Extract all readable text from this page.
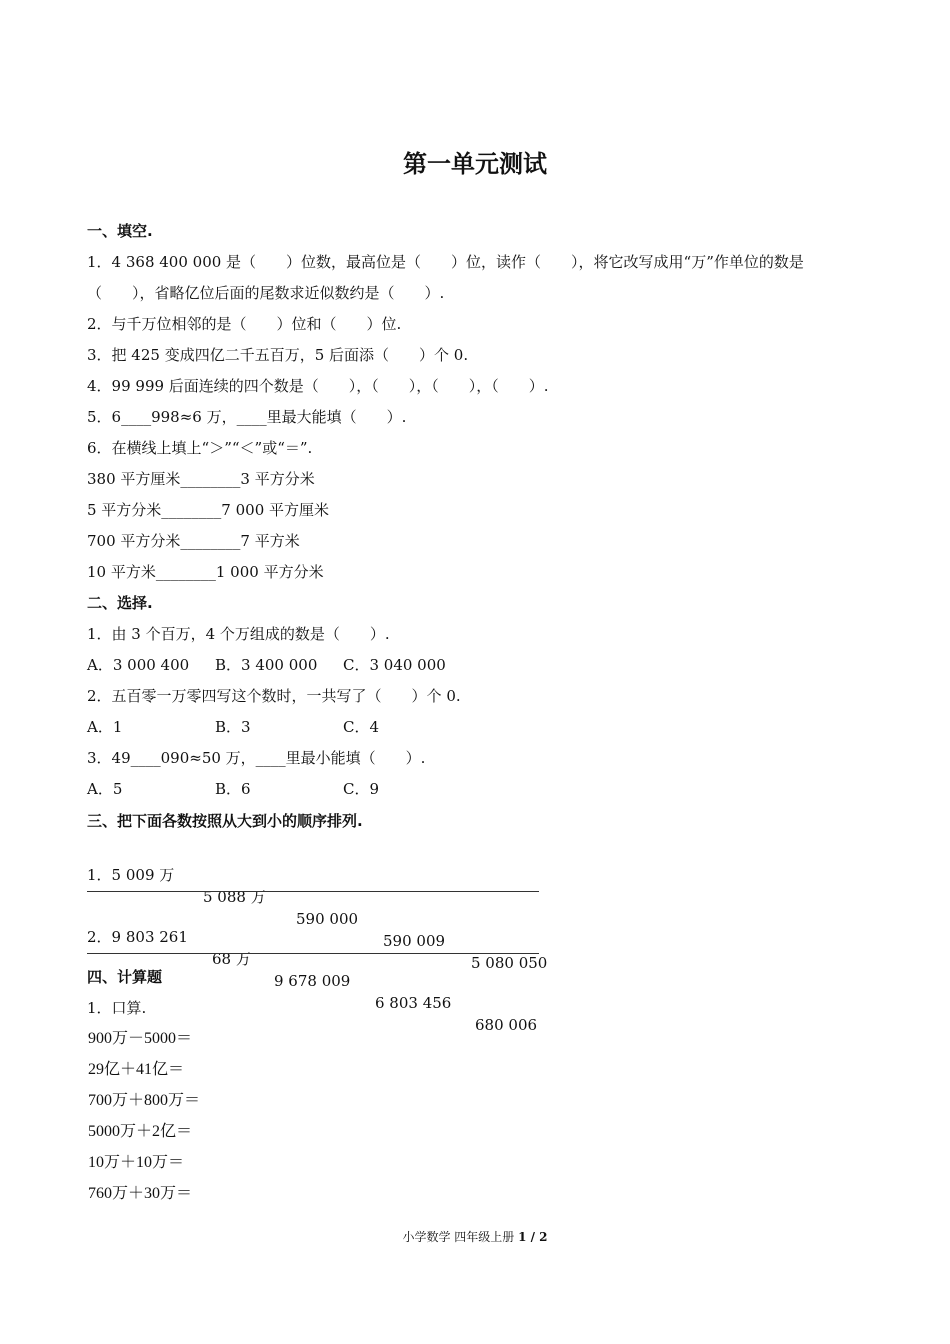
第一单元测试
一、填空.
1．4 368 400 000 是（　　）位数，最高位是（　　）位，读作（　　），将它改写成用“万”作单位的数是
（　　），省略亿位后面的尾数求近似数约是（　　）.
2．与千万位相邻的是（　　）位和（　　）位.
3．把 425 变成四亿二千五百万，5 后面添（　　）个 0.
4．99 999 后面连续的四个数是（　　），（　　），（　　），（　　）.
5．6____998≈6 万，____里最大能填（　　）.
6．在横线上填上“＞”“＜”或“＝”.
380 平方厘米________3 平方分米
5 平方分米________7 000 平方厘米
700 平方分米________7 平方米
10 平方米________1 000 平方分米
二、选择.
1．由 3 个百万，4 个万组成的数是（　　）.
A．3 000 400	B．3 400 000	C．3 040 000
2．五百零一万零四写这个数时，一共写了（　　）个 0.
A．1	B．3	C．4
3．49____090≈50 万，____里最小能填（　　）.
A．5	B．6	C．9
三、把下面各数按照从大到小的顺序排列.

1．5 009 万

5 088 万

590 000

590 009

5 080 050

2．9 803 261

68 万

9 678 009

6 803 456

680 006

四、计算题
1．口算.
900万－5000＝
29亿＋41亿＝
700万＋800万＝
5000万＋2亿＝
10万＋10万＝
760万＋30万＝
小学数学 四年级上册 1 / 2
